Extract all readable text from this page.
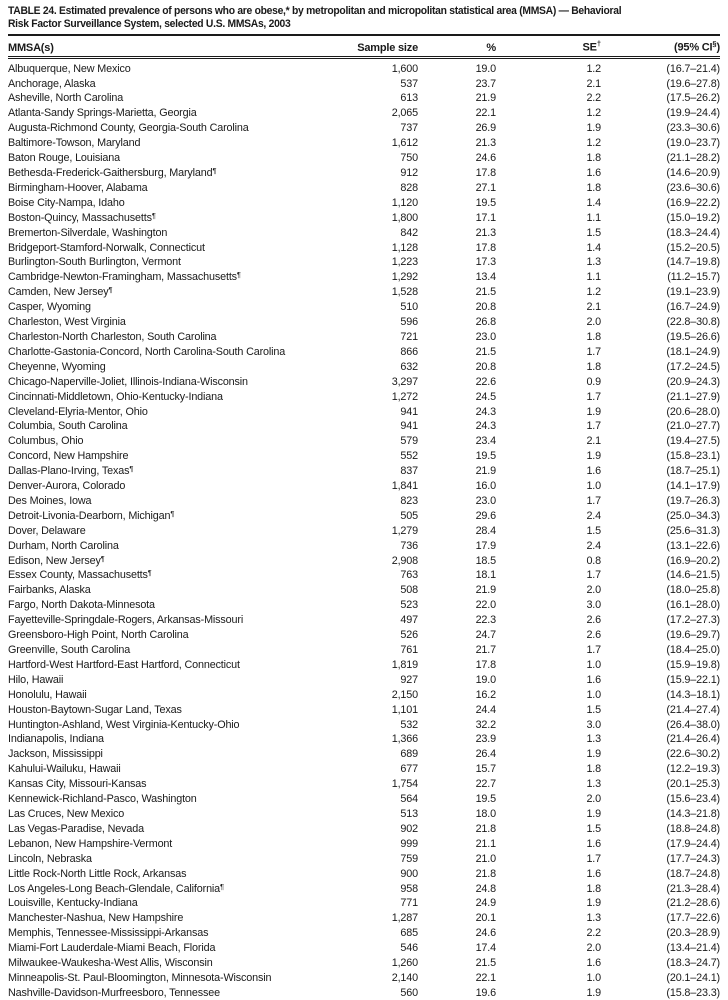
TABLE 24. Estimated prevalence of persons who are obese,* by metropolitan and micropolitan statistical area (MMSA) — Behavioral
Risk Factor Surveillance System, selected U.S. MMSAs, 2003
MMSA(s)	Sample size	%	SE†	(95% CI§)
Albuquerque, New Mexico	1,600	19.0	1.2	(16.7–21.4)
Anchorage, Alaska	537	23.7	2.1	(19.6–27.8)
Asheville, North Carolina	613	21.9	2.2	(17.5–26.2)
Atlanta-Sandy Springs-Marietta, Georgia	2,065	22.1	1.2	(19.9–24.4)
Augusta-Richmond County, Georgia-South Carolina	737	26.9	1.9	(23.3–30.6)
Baltimore-Towson, Maryland	1,612	21.3	1.2	(19.0–23.7)
Baton Rouge, Louisiana	750	24.6	1.8	(21.1–28.2)
Bethesda-Frederick-Gaithersburg, Maryland¶	912	17.8	1.6	(14.6–20.9)
Birmingham-Hoover, Alabama	828	27.1	1.8	(23.6–30.6)
Boise City-Nampa, Idaho	1,120	19.5	1.4	(16.9–22.2)
Boston-Quincy, Massachusetts¶	1,800	17.1	1.1	(15.0–19.2)
Bremerton-Silverdale, Washington	842	21.3	1.5	(18.3–24.4)
Bridgeport-Stamford-Norwalk, Connecticut	1,128	17.8	1.4	(15.2–20.5)
Burlington-South Burlington, Vermont	1,223	17.3	1.3	(14.7–19.8)
Cambridge-Newton-Framingham, Massachusetts¶	1,292	13.4	1.1	(11.2–15.7)
Camden, New Jersey¶	1,528	21.5	1.2	(19.1–23.9)
Casper, Wyoming	510	20.8	2.1	(16.7–24.9)
Charleston, West Virginia	596	26.8	2.0	(22.8–30.8)
Charleston-North Charleston, South Carolina	721	23.0	1.8	(19.5–26.6)
Charlotte-Gastonia-Concord, North Carolina-South Carolina	866	21.5	1.7	(18.1–24.9)
Cheyenne, Wyoming	632	20.8	1.8	(17.2–24.5)
Chicago-Naperville-Joliet, Illinois-Indiana-Wisconsin	3,297	22.6	0.9	(20.9–24.3)
Cincinnati-Middletown, Ohio-Kentucky-Indiana	1,272	24.5	1.7	(21.1–27.9)
Cleveland-Elyria-Mentor, Ohio	941	24.3	1.9	(20.6–28.0)
Columbia, South Carolina	941	24.3	1.7	(21.0–27.7)
Columbus, Ohio	579	23.4	2.1	(19.4–27.5)
Concord, New Hampshire	552	19.5	1.9	(15.8–23.1)
Dallas-Plano-Irving, Texas¶	837	21.9	1.6	(18.7–25.1)
Denver-Aurora, Colorado	1,841	16.0	1.0	(14.1–17.9)
Des Moines, Iowa	823	23.0	1.7	(19.7–26.3)
Detroit-Livonia-Dearborn, Michigan¶	505	29.6	2.4	(25.0–34.3)
Dover, Delaware	1,279	28.4	1.5	(25.6–31.3)
Durham, North Carolina	736	17.9	2.4	(13.1–22.6)
Edison, New Jersey¶	2,908	18.5	0.8	(16.9–20.2)
Essex County, Massachusetts¶	763	18.1	1.7	(14.6–21.5)
Fairbanks, Alaska	508	21.9	2.0	(18.0–25.8)
Fargo, North Dakota-Minnesota	523	22.0	3.0	(16.1–28.0)
Fayetteville-Springdale-Rogers, Arkansas-Missouri	497	22.3	2.6	(17.2–27.3)
Greensboro-High Point, North Carolina	526	24.7	2.6	(19.6–29.7)
Greenville, South Carolina	761	21.7	1.7	(18.4–25.0)
Hartford-West Hartford-East Hartford, Connecticut	1,819	17.8	1.0	(15.9–19.8)
Hilo, Hawaii	927	19.0	1.6	(15.9–22.1)
Honolulu, Hawaii	2,150	16.2	1.0	(14.3–18.1)
Houston-Baytown-Sugar Land, Texas	1,101	24.4	1.5	(21.4–27.4)
Huntington-Ashland, West Virginia-Kentucky-Ohio	532	32.2	3.0	(26.4–38.0)
Indianapolis, Indiana	1,366	23.9	1.3	(21.4–26.4)
Jackson, Mississippi	689	26.4	1.9	(22.6–30.2)
Kahului-Wailuku, Hawaii	677	15.7	1.8	(12.2–19.3)
Kansas City, Missouri-Kansas	1,754	22.7	1.3	(20.1–25.3)
Kennewick-Richland-Pasco, Washington	564	19.5	2.0	(15.6–23.4)
Las Cruces, New Mexico	513	18.0	1.9	(14.3–21.8)
Las Vegas-Paradise, Nevada	902	21.8	1.5	(18.8–24.8)
Lebanon, New Hampshire-Vermont	999	21.1	1.6	(17.9–24.4)
Lincoln, Nebraska	759	21.0	1.7	(17.7–24.3)
Little Rock-North Little Rock, Arkansas	900	21.8	1.6	(18.7–24.8)
Los Angeles-Long Beach-Glendale, California¶	958	24.8	1.8	(21.3–28.4)
Louisville, Kentucky-Indiana	771	24.9	1.9	(21.2–28.6)
Manchester-Nashua, New Hampshire	1,287	20.1	1.3	(17.7–22.6)
Memphis, Tennessee-Mississippi-Arkansas	685	24.6	2.2	(20.3–28.9)
Miami-Fort Lauderdale-Miami Beach, Florida	546	17.4	2.0	(13.4–21.4)
Milwaukee-Waukesha-West Allis, Wisconsin	1,260	21.5	1.6	(18.3–24.7)
Minneapolis-St. Paul-Bloomington, Minnesota-Wisconsin	2,140	22.1	1.0	(20.1–24.1)
Nashville-Davidson-Murfreesboro, Tennessee	560	19.6	1.9	(15.8–23.3)
